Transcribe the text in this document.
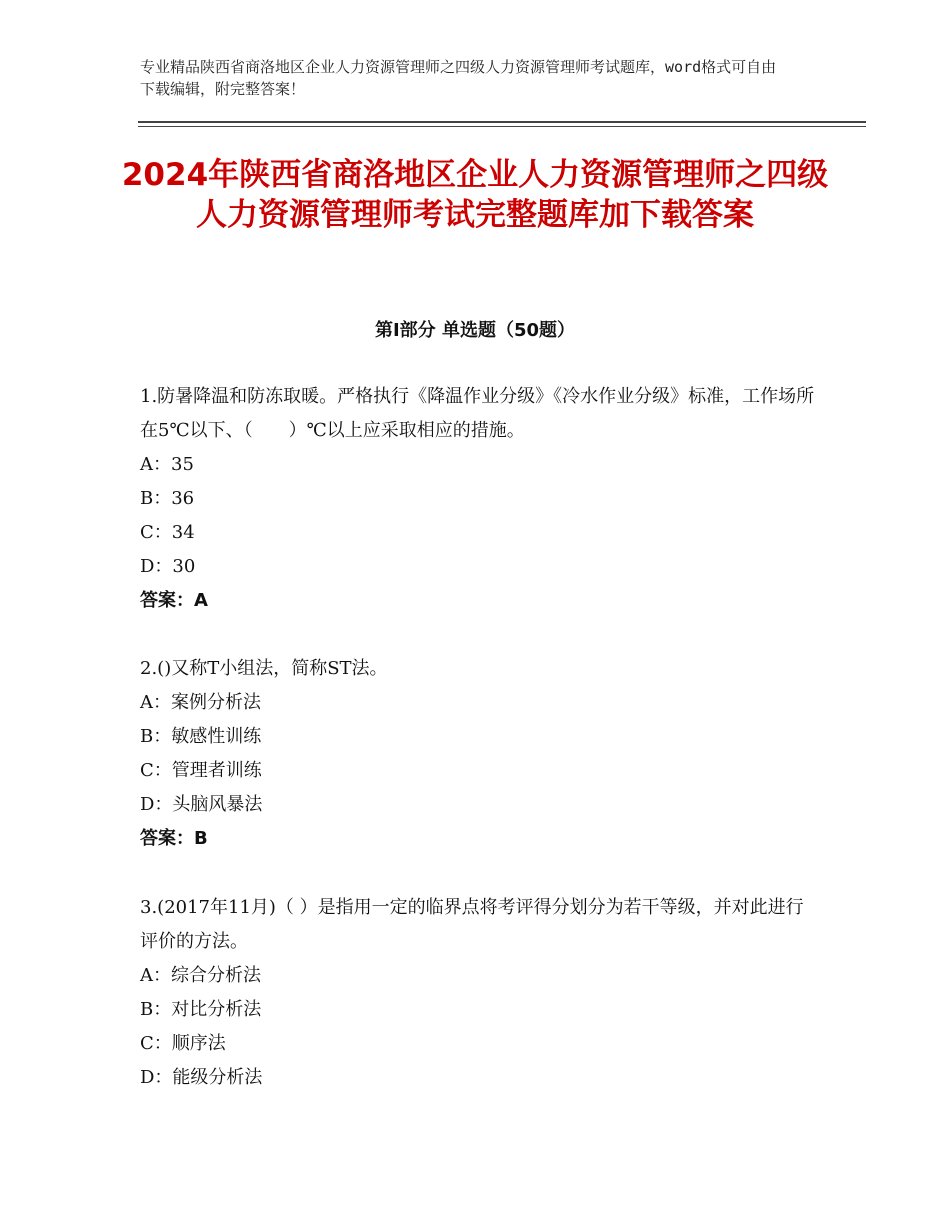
专业精品陕西省商洛地区企业人力资源管理师之四级人力资源管理师考试题库，word格式可自由下载编辑，附完整答案！
2024年陕西省商洛地区企业人力资源管理师之四级人力资源管理师考试完整题库加下载答案
第Ⅰ部分 单选题（50题）

1.防暑降温和防冻取暖。严格执行《降温作业分级》《冷水作业分级》标准，工作场所在5℃以下、（　　）℃以上应采取相应的措施。

A：35
B：36
C：34
D：30
答案：A

2.()又称T小组法，简称ST法。

A：案例分析法
B：敏感性训练
C：管理者训练
D：头脑风暴法
答案：B

3.(2017年11月)（ ）是指用一定的临界点将考评得分划分为若干等级，并对此进行评价的方法。

A：综合分析法
B：对比分析法
C：顺序法
D：能级分析法
